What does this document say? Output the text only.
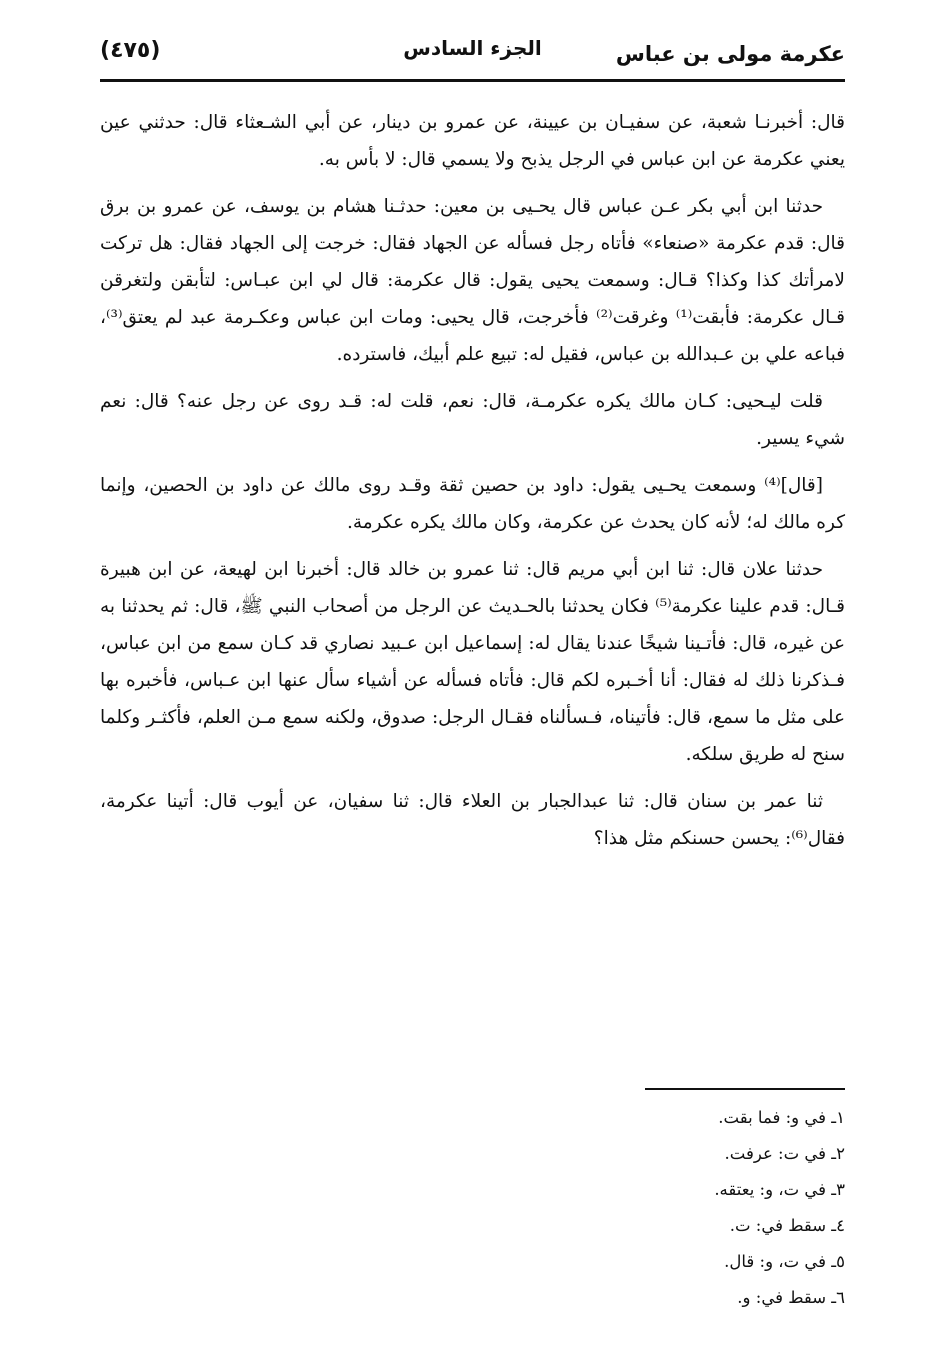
عكرمة مولى بن عباس
الجزء السادس
(٤٧٥)

قال: أخبرنـا شعبة، عن سفيـان بن عيينة، عن عمرو بن دينار، عن أبي الشـعثاء قال: حدثني عين يعني عكرمة عن ابن عباس في الرجل يذبح ولا يسمي قال: لا بأس به.

حدثنا ابن أبي بكر عـن عباس قال يحـيى بن معين: حدثـنا هشام بن يوسف، عن عمرو بن برق قال: قدم عكرمة «صنعاء» فأتاه رجل فسأله عن الجهاد فقال: خرجت إلى الجهاد فقال: هل تركت لامرأتك كذا وكذا؟ قـال: وسمعت يحيى يقول: قال عكرمة: قال لي ابن عبـاس: لتأبقن ولتغرقن قـال عكرمة: فأبقت⁽¹⁾ وغرقت⁽²⁾ فأخرجت، قال يحيى: ومات ابن عباس وعكـرمة عبد لم يعتق⁽³⁾، فباعه علي بن عـبدالله بن عباس، فقيل له: تبيع علم أبيك، فاسترده.

قلت ليـحيى: كـان مالك يكره عكرمـة، قال: نعم، قلت له: قـد روى عن رجل عنه؟ قال: نعم شيء يسير.

[قال]⁽⁴⁾ وسمعت يحـيى يقول: داود بن حصين ثقة وقـد روى مالك عن داود بن الحصين، وإنما كره مالك له؛ لأنه كان يحدث عن عكرمة، وكان مالك يكره عكرمة.

حدثنا علان قال: ثنا ابن أبي مريم قال: ثنا عمرو بن خالد قال: أخبرنا ابن لهيعة، عن ابن هبيرة قـال: قدم علينا عكرمة⁽⁵⁾ فكان يحدثنا بالحـديث عن الرجل من أصحاب النبي ﷺ، قال: ثم يحدثنا به عن غيره، قال: فأتـينا شيخًا عندنا يقال له: إسماعيل ابن عـبيد نصاري قد كـان سمع من ابن عباس، فـذكرنا ذلك له فقال: أنا أخـبره لكم قال: فأتاه فسأله عن أشياء سأل عنها ابن عـباس، فأخبره بها على مثل ما سمع، قال: فأتيناه، فـسألناه فقـال الرجل: صدوق، ولكنه سمع مـن العلم، فأكثـر وكلما سنح له طريق سلكه.

ثنا عمر بن سنان قال: ثنا عبدالجبار بن العلاء قال: ثنا سفيان، عن أيوب قال: أتينا عكرمة، فقال⁽⁶⁾: يحسن حسنكم مثل هذا؟

١ـ في و: فما بقت.
٢ـ في ت: عرفت.
٣ـ في ت، و: يعتقه.
٤ـ سقط في: ت.
٥ـ في ت، و: قال.
٦ـ سقط في: و.
